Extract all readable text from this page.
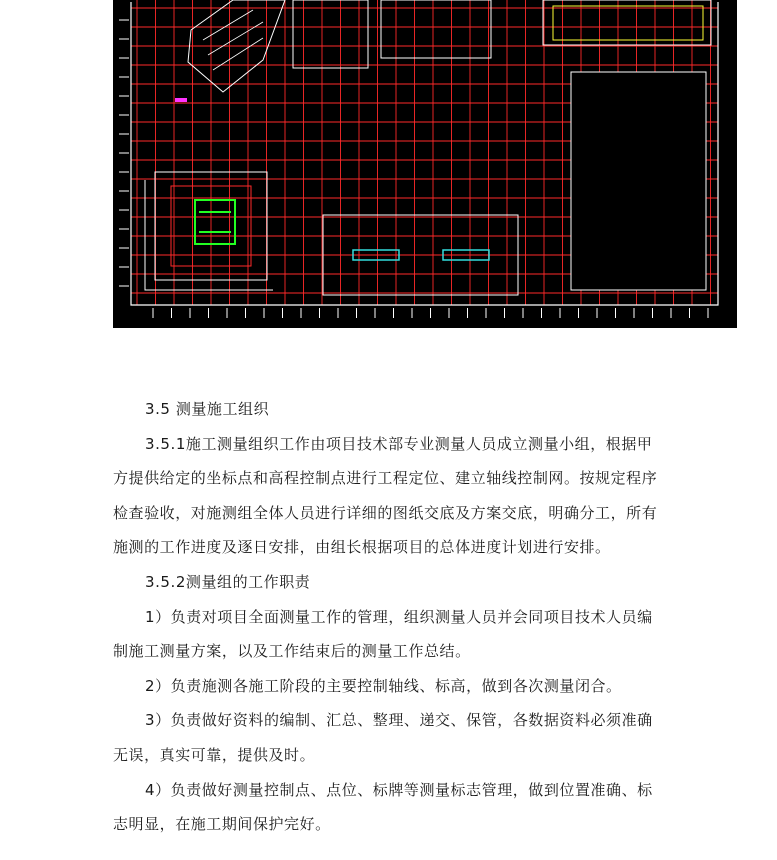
3.5 测量施工组织

3.5.1施工测量组织工作由项目技术部专业测量人员成立测量小组，根据甲

方提供给定的坐标点和高程控制点进行工程定位、建立轴线控制网。按规定程序

检查验收，对施测组全体人员进行详细的图纸交底及方案交底，明确分工，所有

施测的工作进度及逐日安排，由组长根据项目的总体进度计划进行安排。

3.5.2测量组的工作职责

1）负责对项目全面测量工作的管理，组织测量人员并会同项目技术人员编

制施工测量方案，以及工作结束后的测量工作总结。

2）负责施测各施工阶段的主要控制轴线、标高，做到各次测量闭合。

3）负责做好资料的编制、汇总、整理、递交、保管，各数据资料必须准确

无误，真实可靠，提供及时。

4）负责做好测量控制点、点位、标牌等测量标志管理，做到位置准确、标

志明显，在施工期间保护完好。
